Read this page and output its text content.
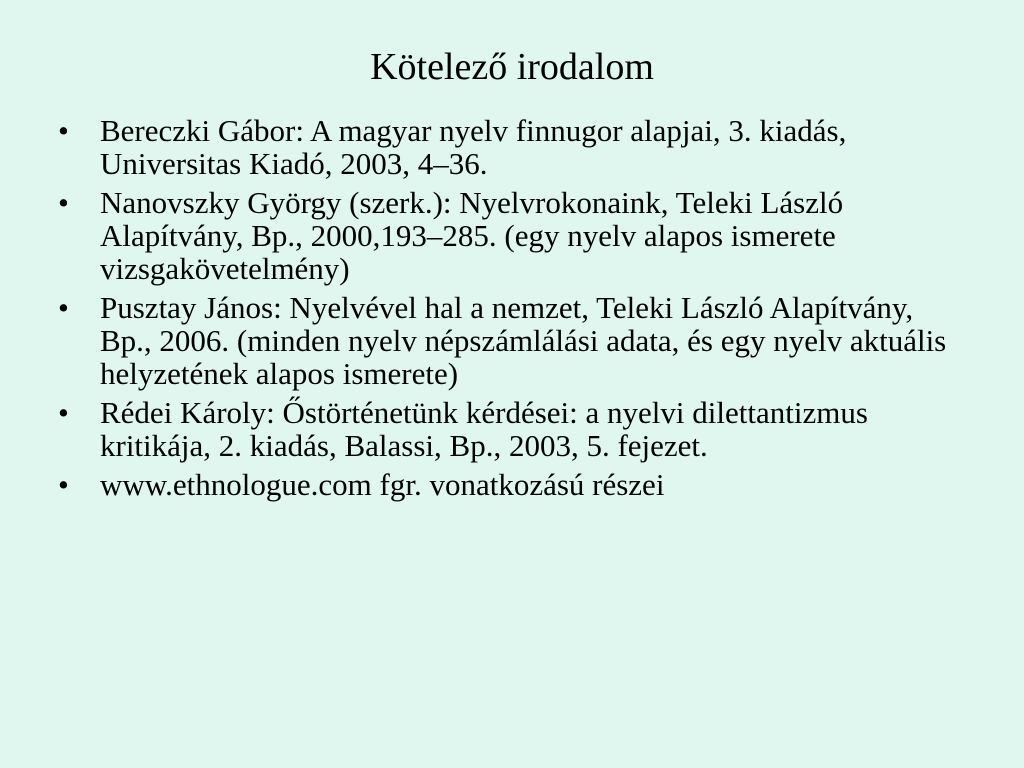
Kötelező irodalom
•	Bereczki Gábor: A magyar nyelv finnugor alapjai, 3. kiadás, Universitas Kiadó, 2003, 4–36.
•	Nanovszky György (szerk.): Nyelvrokonaink, Teleki László Alapítvány, Bp., 2000,193–285. (egy nyelv alapos ismerete vizsgakövetelmény)
•	Pusztay János: Nyelvével hal a nemzet, Teleki László Alapítvány, Bp., 2006. (minden nyelv népszámlálási adata, és egy nyelv aktuális helyzetének alapos ismerete)
•	Rédei Károly: Őstörténetünk kérdései: a nyelvi dilettantizmus kritikája, 2. kiadás, Balassi, Bp., 2003, 5. fejezet.
•	www.ethnologue.com fgr. vonatkozású részei
